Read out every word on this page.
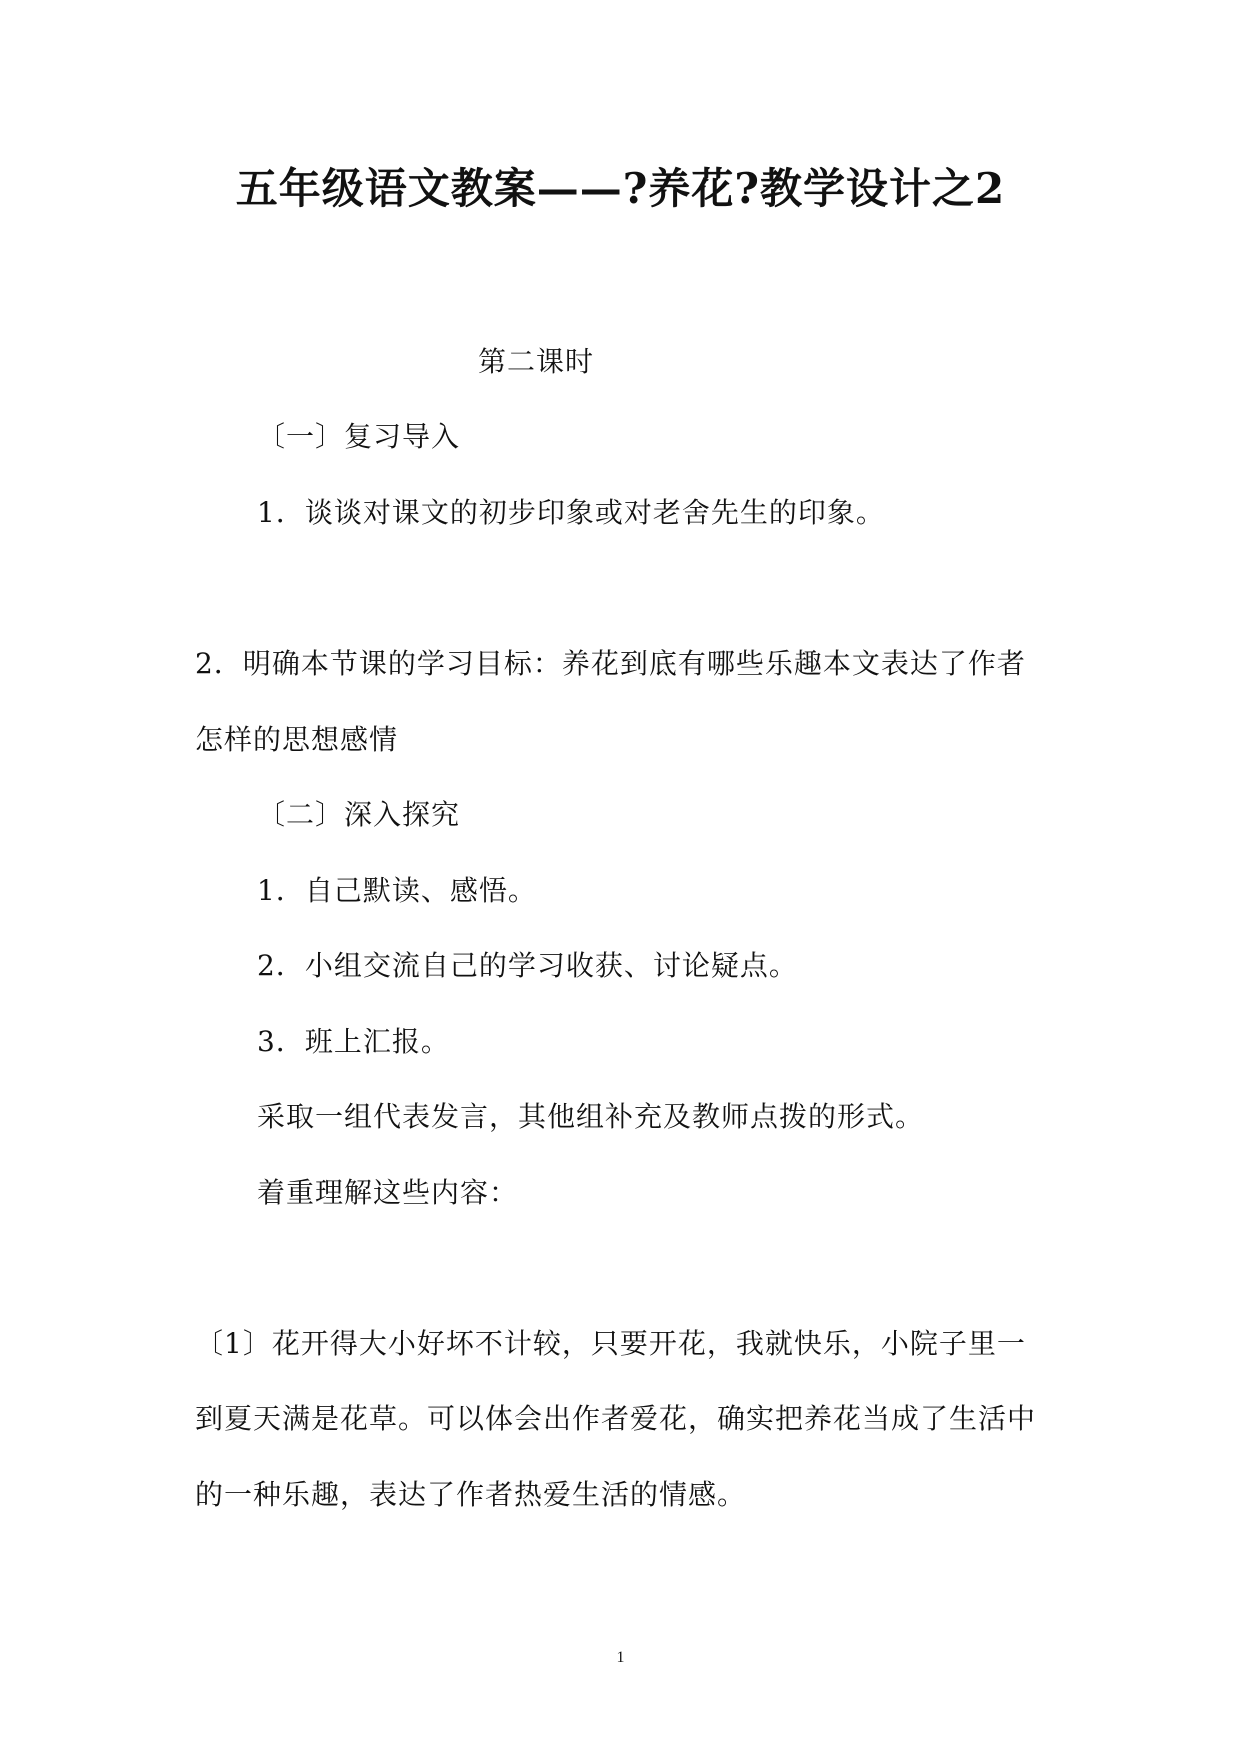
五年级语文教案——?养花?教学设计之2
第二课时
〔一〕复习导入
1．谈谈对课文的初步印象或对老舍先生的印象。
2．明确本节课的学习目标：养花到底有哪些乐趣本文表达了作者
怎样的思想感情
〔二〕深入探究
1．自己默读、感悟。
2．小组交流自己的学习收获、讨论疑点。
3．班上汇报。
采取一组代表发言，其他组补充及教师点拨的形式。
着重理解这些内容：
〔1〕花开得大小好坏不计较，只要开花，我就快乐，小院子里一
到夏天满是花草。可以体会出作者爱花，确实把养花当成了生活中
的一种乐趣，表达了作者热爱生活的情感。
1
